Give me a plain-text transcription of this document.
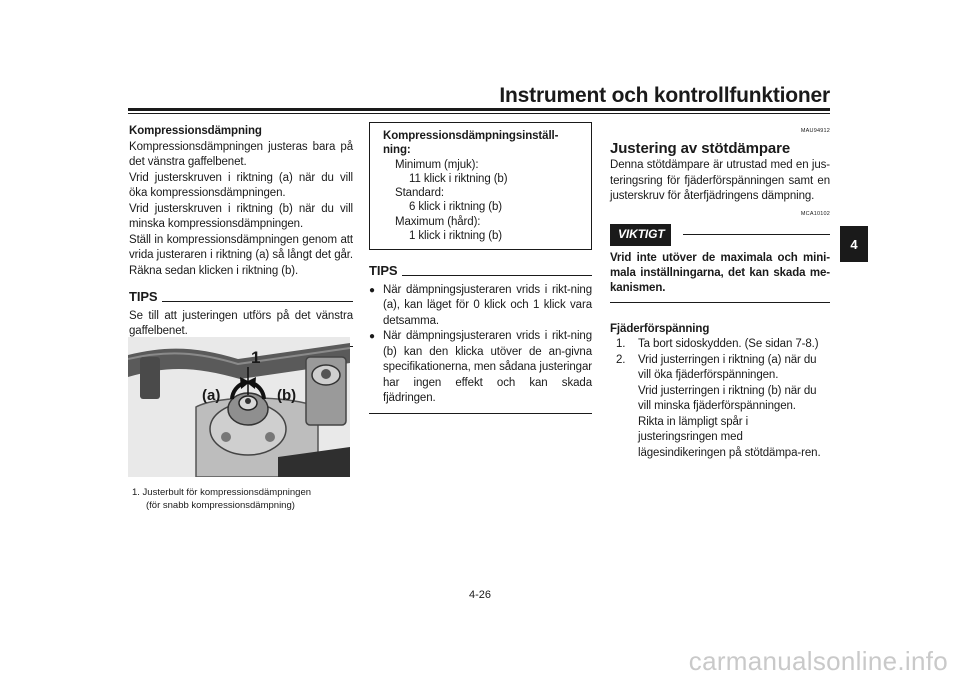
Instrument och kontrollfunktioner
4

Kompressionsdämpning

Kompressionsdämpningen justeras bara på det vänstra gaffelbenet.

Vrid justerskruven i riktning (a) när du vill öka kompressionsdämpningen.

Vrid justerskruven i riktning (b) när du vill minska kompressionsdämpningen.

Ställ in kompressionsdämpningen genom att vrida justeraren i riktning (a) så långt det går. Räkna sedan klicken i riktning (b).

TIPS

Se till att justeringen utförs på det vänstra gaffelbenet.

1
(a)	(b)
1. Justerbult för kompressionsdämpningen
(för snabb kompressionsdämpning)
Kompressionsdämpningsinställ-
ning:
Minimum (mjuk):
11 klick i riktning (b)
Standard:
6 klick i riktning (b)
Maximum (hård):
1 klick i riktning (b)
TIPS
● När dämpningsjusteraren vrids i rikt-ning (a), kan läget för 0 klick och 1 klick vara detsamma.
● När dämpningsjusteraren vrids i rikt-ning (b) kan den klicka utöver de an-givna specifikationerna, men sådana justeringar har ingen effekt och kan skada fjädringen.
MAU94912
Justering av stötdämpare

Denna stötdämpare är utrustad med en jus-teringsring för fjäderförspänningen samt en justerskruv för återfjädringens dämpning.

MCA10102
VIKTIGT

Vrid inte utöver de maximala och mini-mala inställningarna, det kan skada me-kanismen.

Fjäderförspänning

1.	Ta bort sidoskydden. (Se sidan 7-8.)
2.	Vrid justerringen i riktning (a) när du vill öka fjäderförspänningen.
Vrid justerringen i riktning (b) när du vill minska fjäderförspänningen.
Rikta in lämpligt spår i justeringsringen med lägesindikeringen på stötdämpa-ren.
4-26
carmanualsonline.info
